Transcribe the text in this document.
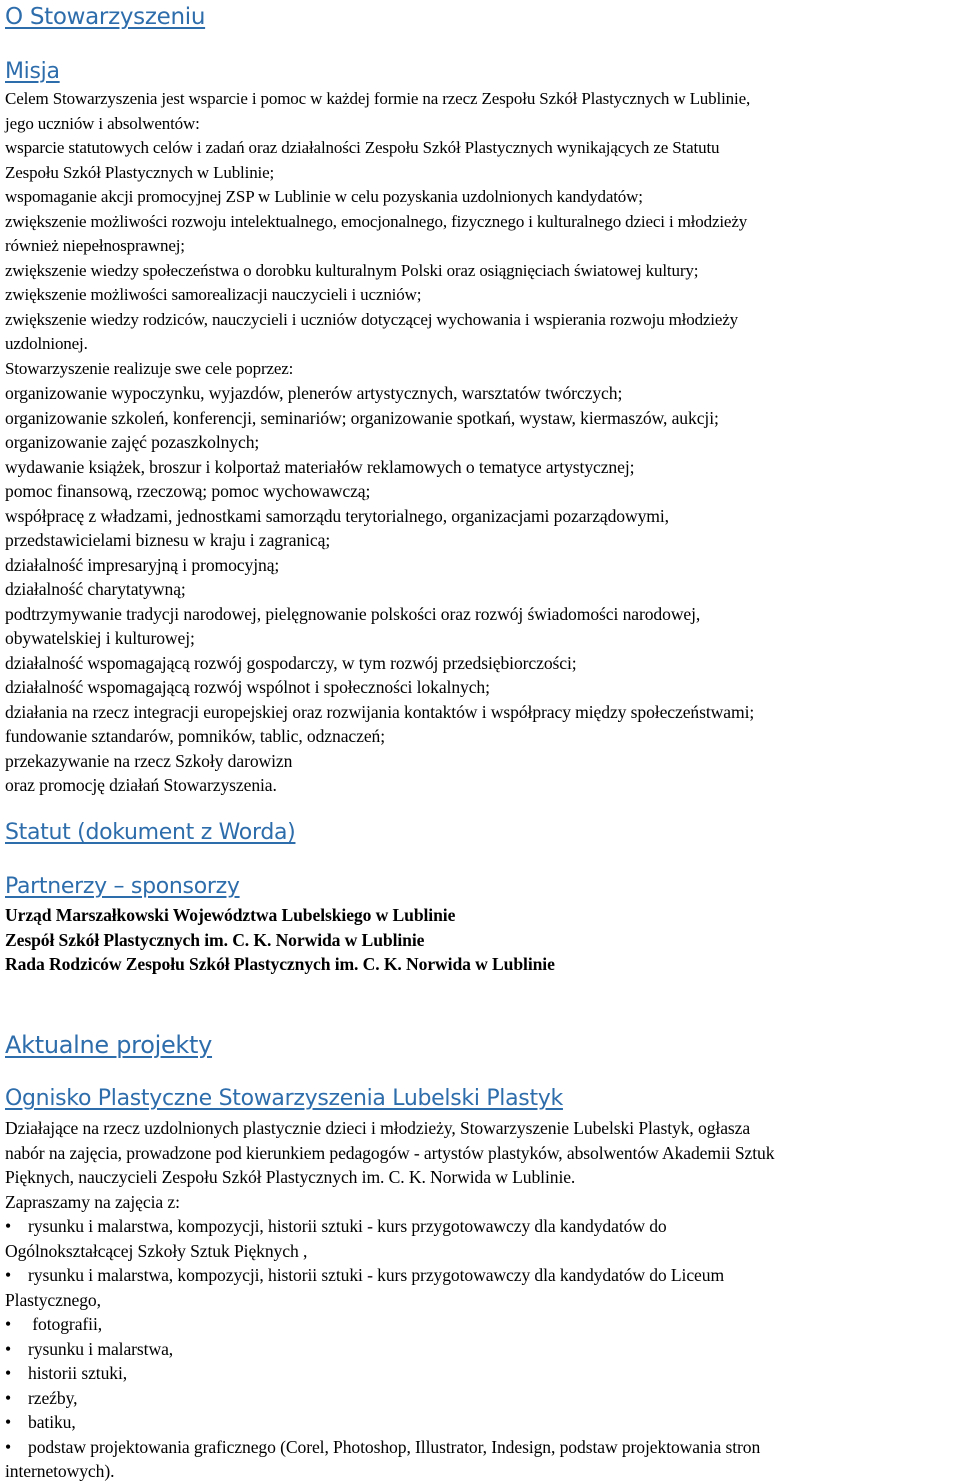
O Stowarzyszeniu
Misja

Celem Stowarzyszenia jest wsparcie i pomoc w każdej formie na rzecz Zespołu Szkół Plastycznych w Lublinie,

jego uczniów i absolwentów:

wsparcie statutowych celów i zadań oraz działalności Zespołu Szkół Plastycznych wynikających ze Statutu

Zespołu Szkół Plastycznych w Lublinie;

wspomaganie akcji promocyjnej ZSP w Lublinie w celu pozyskania uzdolnionych kandydatów;

zwiększenie możliwości rozwoju intelektualnego, emocjonalnego, fizycznego i kulturalnego dzieci i młodzieży

również niepełnosprawnej;

zwiększenie wiedzy społeczeństwa o dorobku kulturalnym Polski oraz osiągnięciach światowej kultury;

zwiększenie możliwości samorealizacji nauczycieli i uczniów;

zwiększenie wiedzy rodziców, nauczycieli i uczniów dotyczącej wychowania i wspierania rozwoju młodzieży

uzdolnionej.

Stowarzyszenie realizuje swe cele poprzez:

organizowanie wypoczynku, wyjazdów, plenerów artystycznych, warsztatów twórczych;

organizowanie szkoleń, konferencji, seminariów; organizowanie spotkań, wystaw, kiermaszów, aukcji;

organizowanie zajęć pozaszkolnych;

wydawanie książek, broszur i kolportaż materiałów reklamowych o tematyce artystycznej;

pomoc finansową, rzeczową; pomoc wychowawczą;

współpracę z władzami, jednostkami samorządu terytorialnego, organizacjami pozarządowymi,

przedstawicielami biznesu w kraju i zagranicą;

działalność impresaryjną i promocyjną;

działalność charytatywną;

podtrzymywanie tradycji narodowej, pielęgnowanie polskości oraz rozwój świadomości narodowej,

obywatelskiej i kulturowej;

działalność wspomagającą rozwój gospodarczy, w tym rozwój przedsiębiorczości;

działalność wspomagającą rozwój wspólnot i społeczności lokalnych;

działania na rzecz integracji europejskiej oraz rozwijania kontaktów i współpracy między społeczeństwami;

fundowanie sztandarów, pomników, tablic, odznaczeń;

przekazywanie na rzecz Szkoły darowizn

oraz promocję działań Stowarzyszenia.

Statut (dokument z Worda)
Partnerzy – sponsorzy

Urząd Marszałkowski Województwa Lubelskiego w Lublinie

Zespół Szkół Plastycznych im. C. K. Norwida w Lublinie

Rada Rodziców Zespołu Szkół Plastycznych im. C. K. Norwida w Lublinie

Aktualne projekty
Ognisko Plastyczne Stowarzyszenia Lubelski Plastyk

Działające na rzecz uzdolnionych plastycznie dzieci i młodzieży, Stowarzyszenie Lubelski Plastyk, ogłasza

nabór na zajęcia, prowadzone pod kierunkiem pedagogów - artystów plastyków, absolwentów Akademii Sztuk

Pięknych, nauczycieli Zespołu Szkół Plastycznych im. C. K. Norwida w Lublinie.

Zapraszamy na zajęcia z:

• rysunku i malarstwa, kompozycji, historii sztuki - kurs przygotowawczy dla kandydatów do

Ogólnokształcącej Szkoły Sztuk Pięknych ,

• rysunku i malarstwa, kompozycji, historii sztuki - kurs przygotowawczy dla kandydatów do Liceum

Plastycznego,

• fotografii,

• rysunku i malarstwa,

• historii sztuki,

• rzeźby,

• batiku,

• podstaw projektowania graficznego (Corel, Photoshop, Illustrator, Indesign, podstaw projektowania stron

internetowych).
